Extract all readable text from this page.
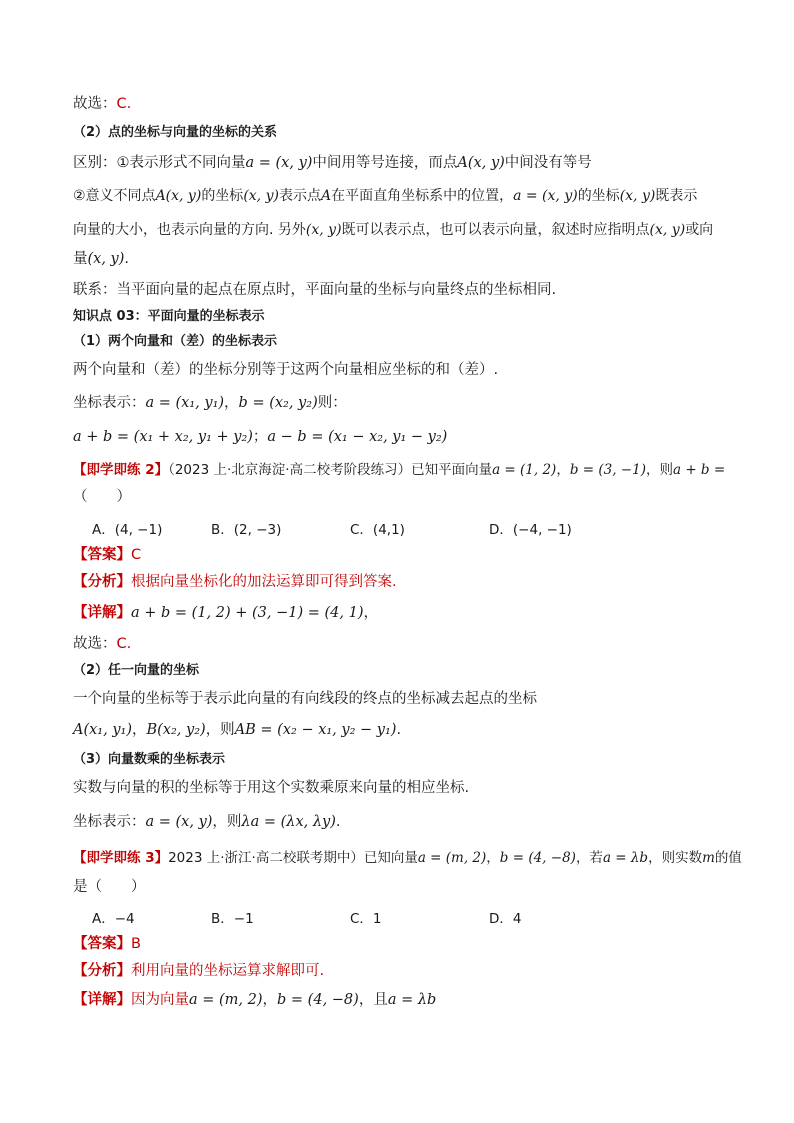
故选：C.
（2）点的坐标与向量的坐标的关系
区别：①表示形式不同向量a = (x, y)中间用等号连接，而点A(x, y)中间没有等号
②意义不同点A(x, y)的坐标(x, y)表示点A在平面直角坐标系中的位置，a = (x, y)的坐标(x, y)既表示
向量的大小，也表示向量的方向. 另外(x, y)既可以表示点，也可以表示向量，叙述时应指明点(x, y)或向
量(x, y).
联系：当平面向量的起点在原点时，平面向量的坐标与向量终点的坐标相同.
知识点 03：平面向量的坐标表示
（1）两个向量和（差）的坐标表示
两个向量和（差）的坐标分别等于这两个向量相应坐标的和（差）.
坐标表示：a = (x₁, y₁)，b = (x₂, y₂)则：
a + b = (x₁ + x₂, y₁ + y₂)；a − b = (x₁ − x₂, y₁ − y₂)
【即学即练 2】（2023 上·北京海淀·高二校考阶段练习）已知平面向量a = (1, 2)，b = (3, −1)，则a + b =
（　　）
A．(4, −1)	B．(2, −3)	C．(4,1)	D．(−4, −1)
【答案】C
【分析】根据向量坐标化的加法运算即可得到答案.
【详解】a + b = (1, 2) + (3, −1) = (4, 1)，
故选：C.
（2）任一向量的坐标
一个向量的坐标等于表示此向量的有向线段的终点的坐标减去起点的坐标
A(x₁, y₁)，B(x₂, y₂)，则AB = (x₂ − x₁, y₂ − y₁).
（3）向量数乘的坐标表示
实数与向量的积的坐标等于用这个实数乘原来向量的相应坐标.
坐标表示：a = (x, y)，则λa = (λx, λy).
【即学即练 3】2023 上·浙江·高二校联考期中）已知向量a = (m, 2)，b = (4, −8)，若a = λb，则实数m的值
是（　　）
A．−4	B．−1	C．1	D．4
【答案】B
【分析】利用向量的坐标运算求解即可.
【详解】因为向量a = (m, 2)，b = (4, −8)，且a = λb
